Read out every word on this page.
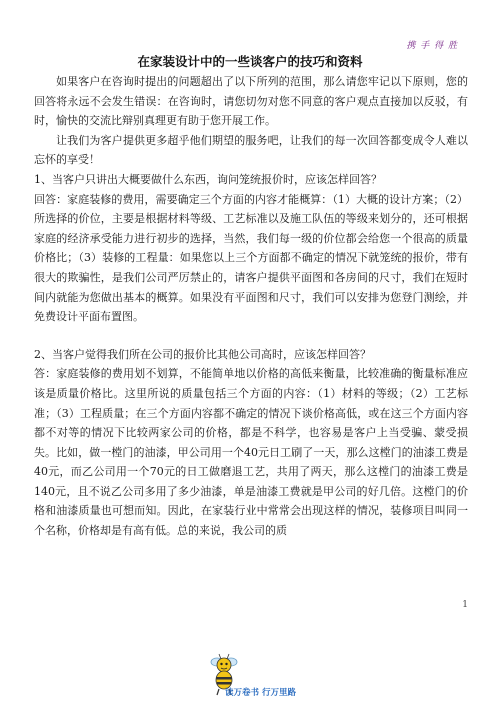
携 手 得 胜
在家装设计中的一些谈客户的技巧和资料

如果客户在咨询时提出的问题超出了以下所列的范围，那么请您牢记以下原则，您的回答将永远不会发生错误：在咨询时，请您切勿对您不同意的客户观点直接加以反驳，有时，愉快的交流比辩别真理更有助于您开展工作。

让我们为客户提供更多超乎他们期望的服务吧，让我们的每一次回答都变成令人难以忘怀的享受！

1、当客户只讲出大概要做什么东西，询问笼统报价时，应该怎样回答？

回答：家庭装修的费用，需要确定三个方面的内容才能概算：（1）大概的设计方案；（2）所选择的价位，主要是根据材料等级、工艺标准以及施工队伍的等级来划分的，还可根据家庭的经济承受能力进行初步的选择，当然，我们每一级的价位都会给您一个很高的质量价格比；（3）装修的工程量：如果您以上三个方面都不确定的情况下就笼统的报价，带有很大的欺骗性，是我们公司严厉禁止的，请客户提供平面图和各房间的尺寸，我们在短时间内就能为您做出基本的概算。如果没有平面图和尺寸，我们可以安排为您登门测绘，并免费设计平面布置图。

2、当客户觉得我们所在公司的报价比其他公司高时，应该怎样回答？

答：家庭装修的费用划不划算，不能简单地以价格的高低来衡量，比较准确的衡量标准应该是质量价格比。这里所说的质量包括三个方面的内容：（1）材料的等级；（2）工艺标准；（3）工程质量；在三个方面内容都不确定的情况下谈价格高低，或在这三个方面内容都不对等的情况下比较两家公司的价格，都是不科学，也容易是客户上当受骗、蒙受损失。比如，做一樘门的油漆，甲公司用一个40元日工刷了一天，那么这樘门的油漆工费是40元，而乙公司用一个70元的日工做磨退工艺，共用了两天，那么这樘门的油漆工费是140元，且不说乙公司多用了多少油漆，单是油漆工费就是甲公司的好几倍。这樘门的价格和油漆质量也可想而知。因此，在家装行业中常常会出现这样的情况，装修项目叫同一个名称，价格却是有高有低。总的来说，我公司的质

1
读万卷书 行万里路
